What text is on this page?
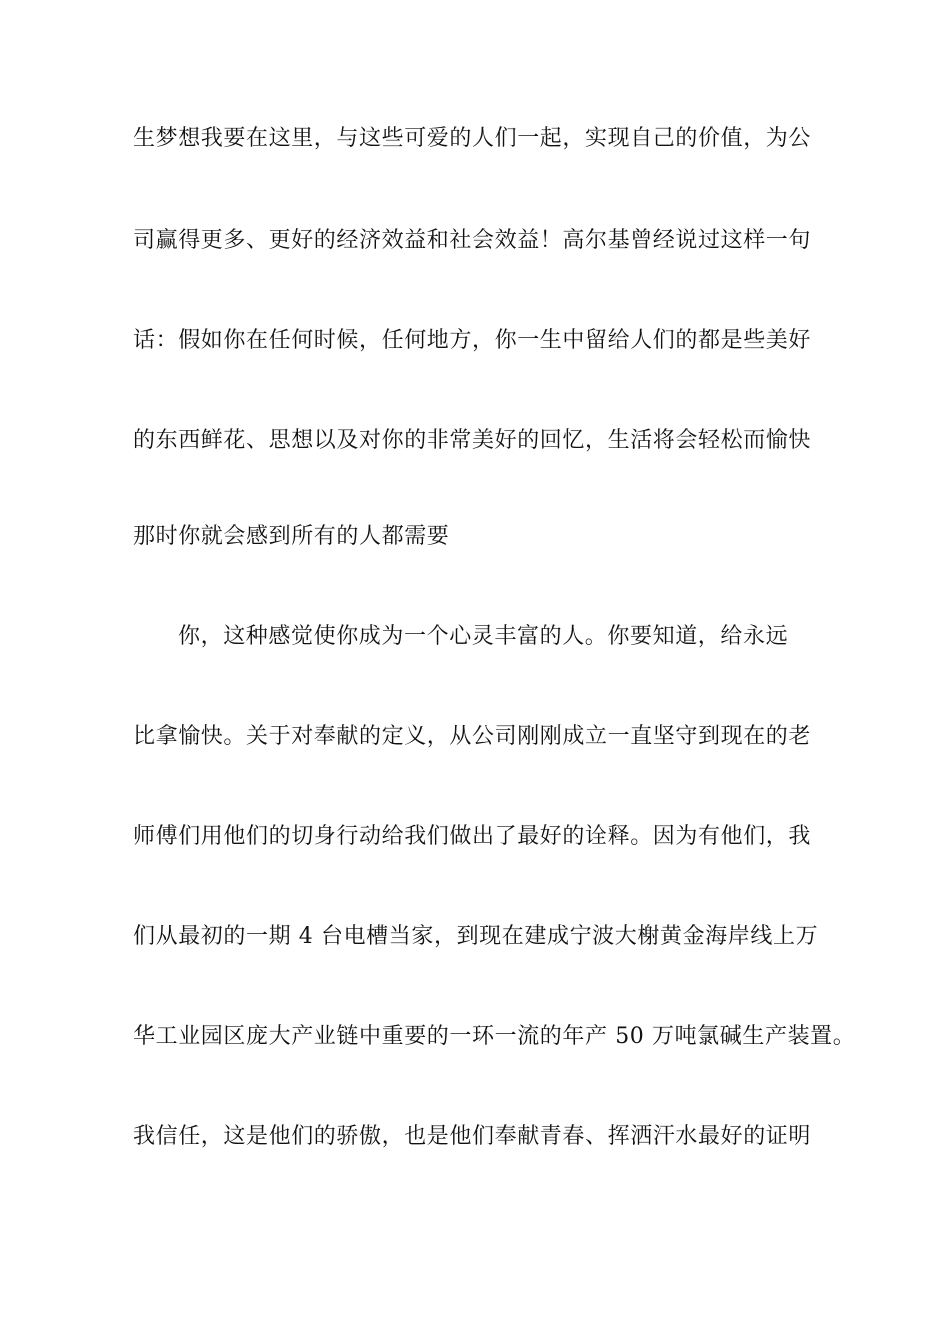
生梦想我要在这里，与这些可爱的人们一起，实现自己的价值，为公

司赢得更多、更好的经济效益和社会效益！高尔基曾经说过这样一句

话：假如你在任何时候，任何地方，你一生中留给人们的都是些美好

的东西鲜花、思想以及对你的非常美好的回忆，生活将会轻松而愉快

那时你就会感到所有的人都需要

你，这种感觉使你成为一个心灵丰富的人。你要知道，给永远

比拿愉快。关于对奉献的定义，从公司刚刚成立一直坚守到现在的老

师傅们用他们的切身行动给我们做出了最好的诠释。因为有他们，我

们从最初的一期 4 台电槽当家，到现在建成宁波大榭黄金海岸线上万

华工业园区庞大产业链中重要的一环一流的年产 50 万吨氯碱生产装置。

我信任，这是他们的骄傲，也是他们奉献青春、挥洒汗水最好的证明
